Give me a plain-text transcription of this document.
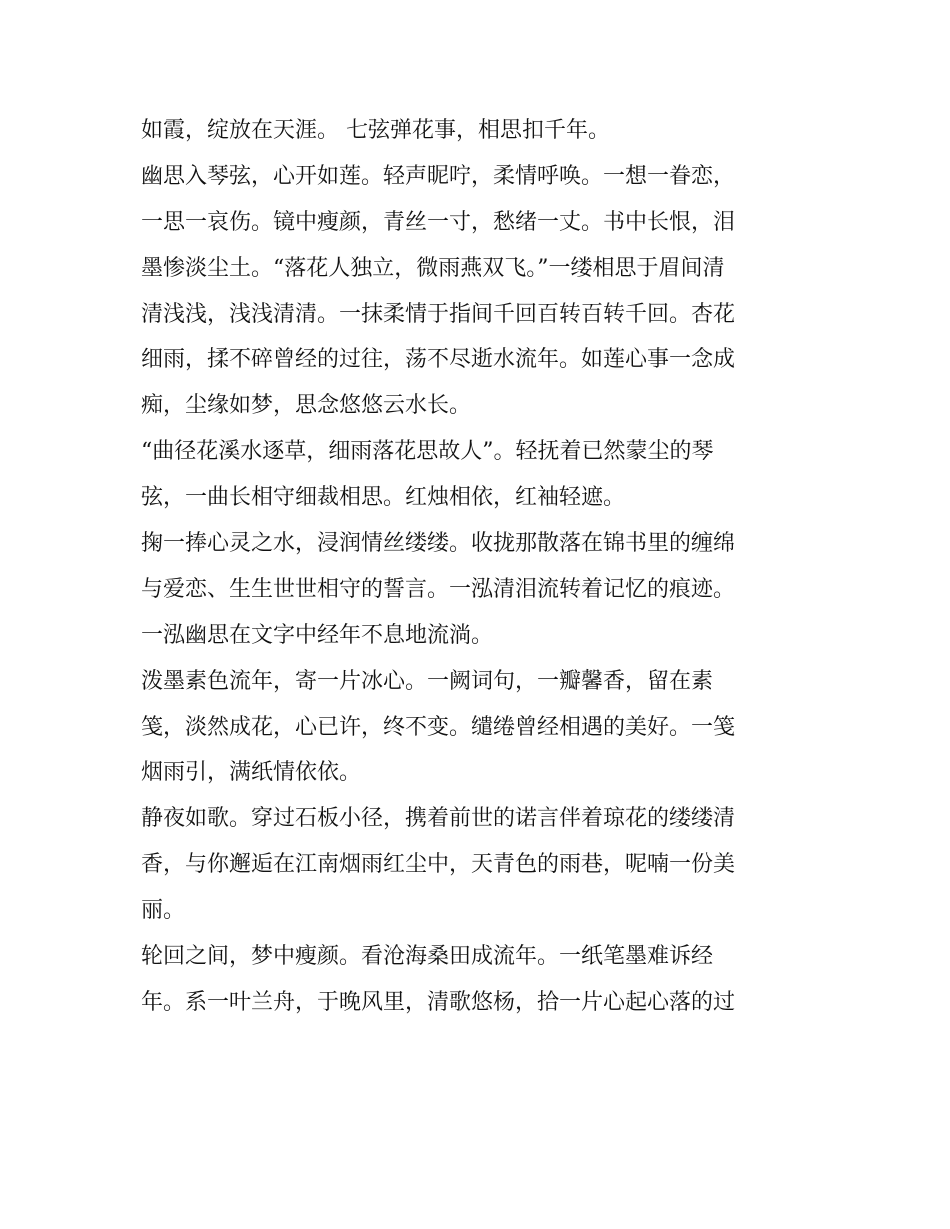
如霞，绽放在天涯。 七弦弹花事，相思扣千年。
幽思入琴弦，心开如莲。轻声昵咛，柔情呼唤。一想一眷恋，
一思一哀伤。镜中瘦颜，青丝一寸，愁绪一丈。书中长恨，泪
墨惨淡尘土。“落花人独立，微雨燕双飞。”一缕相思于眉间清
清浅浅，浅浅清清。一抹柔情于指间千回百转百转千回。杏花
细雨，揉不碎曾经的过往，荡不尽逝水流年。如莲心事一念成
痴，尘缘如梦，思念悠悠云水长。
“曲径花溪水逐草，细雨落花思故人”。轻抚着已然蒙尘的琴
弦，一曲长相守细裁相思。红烛相依，红袖轻遮。
掬一捧心灵之水，浸润情丝缕缕。收拢那散落在锦书里的缠绵
与爱恋、生生世世相守的誓言。一泓清泪流转着记忆的痕迹。
一泓幽思在文字中经年不息地流淌。
泼墨素色流年，寄一片冰心。一阙词句，一瓣馨香，留在素
笺，淡然成花，心已许，终不变。缱绻曾经相遇的美好。一笺
烟雨引，满纸情依依。
静夜如歌。穿过石板小径，携着前世的诺言伴着琼花的缕缕清
香，与你邂逅在江南烟雨红尘中，天青色的雨巷，呢喃一份美
丽。
轮回之间，梦中瘦颜。看沧海桑田成流年。一纸笔墨难诉经
年。系一叶兰舟，于晚风里，清歌悠杨，拾一片心起心落的过
